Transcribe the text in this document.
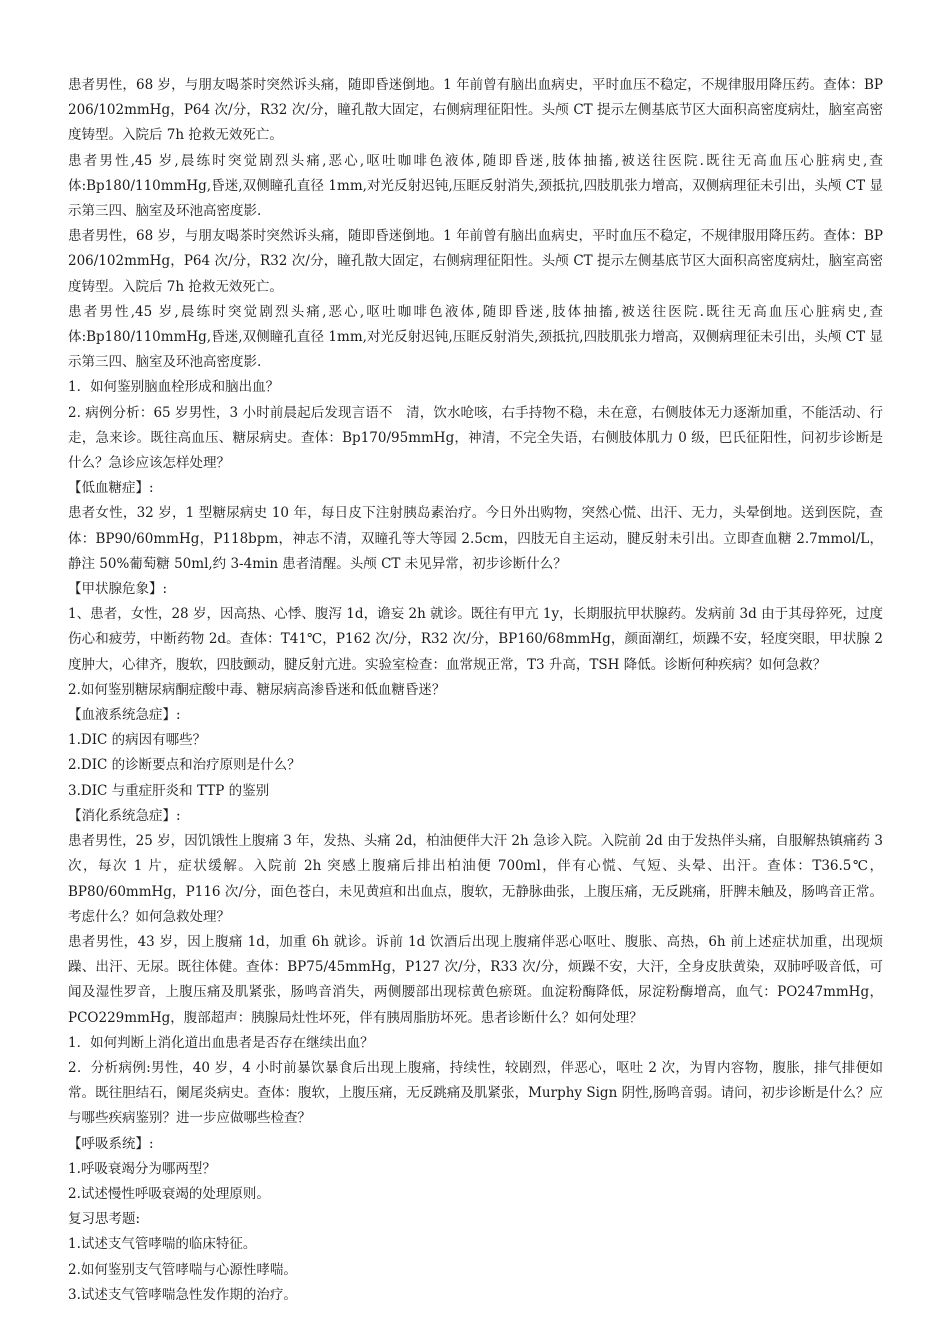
患者男性，68 岁，与朋友喝茶时突然诉头痛，随即昏迷倒地。1 年前曾有脑出血病史，平时血压不稳定，不规律服用降压药。查体：BP 206/102mmHg，P64 次/分，R32 次/分，瞳孔散大固定，右侧病理征阳性。头颅 CT 提示左侧基底节区大面积高密度病灶，脑室高密度铸型。入院后 7h 抢救无效死亡。

患者男性,45 岁,晨练时突觉剧烈头痛,恶心,呕吐咖啡色液体,随即昏迷,肢体抽搐,被送往医院.既往无高血压心脏病史,查体:Bp180/110mmHg,昏迷,双侧瞳孔直径 1mm,对光反射迟钝,压眶反射消失,颈抵抗,四肢肌张力增高，双侧病理征未引出，头颅 CT 显示第三四、脑室及环池高密度影.

患者男性，68 岁，与朋友喝茶时突然诉头痛，随即昏迷倒地。1 年前曾有脑出血病史，平时血压不稳定，不规律服用降压药。查体：BP 206/102mmHg，P64 次/分，R32 次/分，瞳孔散大固定，右侧病理征阳性。头颅 CT 提示左侧基底节区大面积高密度病灶，脑室高密度铸型。入院后 7h 抢救无效死亡。

患者男性,45 岁,晨练时突觉剧烈头痛,恶心,呕吐咖啡色液体,随即昏迷,肢体抽搐,被送往医院.既往无高血压心脏病史,查体:Bp180/110mmHg,昏迷,双侧瞳孔直径 1mm,对光反射迟钝,压眶反射消失,颈抵抗,四肢肌张力增高，双侧病理征未引出，头颅 CT 显示第三四、脑室及环池高密度影.

1．如何鉴别脑血栓形成和脑出血？

2. 病例分析：65 岁男性，3 小时前晨起后发现言语不　清，饮水呛咳，右手持物不稳，未在意，右侧肢体无力逐渐加重，不能活动、行走，急来诊。既往高血压、糖尿病史。查体：Bp170/95mmHg，神清，不完全失语，右侧肢体肌力 0 级，巴氏征阳性，问初步诊断是什么？急诊应该怎样处理？

【低血糖症】:

患者女性，32 岁，1 型糖尿病史 10 年，每日皮下注射胰岛素治疗。今日外出购物，突然心慌、出汗、无力，头晕倒地。送到医院，查体：BP90/60mmHg，P118bpm，神志不清，双瞳孔等大等园 2.5cm，四肢无自主运动，腱反射未引出。立即查血糖 2.7mmol/L，静注 50%葡萄糖 50ml,约 3-4min 患者清醒。头颅 CT 未见异常，初步诊断什么？

【甲状腺危象】:

1、患者，女性，28 岁，因高热、心悸、腹泻 1d，谵妄 2h 就诊。既往有甲亢 1y，长期服抗甲状腺药。发病前 3d 由于其母猝死，过度伤心和疲劳，中断药物 2d。查体：T41℃，P162 次/分，R32 次/分，BP160/68mmHg，颜面潮红，烦躁不安，轻度突眼，甲状腺 2 度肿大，心律齐，腹软，四肢颤动，腱反射亢进。实验室检查：血常规正常，T3 升高，TSH 降低。诊断何种疾病？如何急救？

2.如何鉴别糖尿病酮症酸中毒、糖尿病高渗昏迷和低血糖昏迷？

【血液系统急症】:

1.DIC 的病因有哪些？

2.DIC 的诊断要点和治疗原则是什么？

3.DIC 与重症肝炎和 TTP 的鉴别

【消化系统急症】:

患者男性，25 岁，因饥饿性上腹痛 3 年，发热、头痛 2d，柏油便伴大汗 2h 急诊入院。入院前 2d 由于发热伴头痛，自服解热镇痛药 3 次，每次 1 片，症状缓解。入院前 2h 突感上腹痛后排出柏油便 700ml，伴有心慌、气短、头晕、出汗。查体：T36.5℃，BP80/60mmHg，P116 次/分，面色苍白，未见黄疸和出血点，腹软，无静脉曲张，上腹压痛，无反跳痛，肝脾未触及，肠鸣音正常。考虑什么？如何急救处理？

患者男性，43 岁，因上腹痛 1d，加重 6h 就诊。诉前 1d 饮酒后出现上腹痛伴恶心呕吐、腹胀、高热，6h 前上述症状加重，出现烦躁、出汗、无尿。既往体健。查体：BP75/45mmHg，P127 次/分，R33 次/分，烦躁不安，大汗，全身皮肤黄染，双肺呼吸音低，可闻及湿性罗音，上腹压痛及肌紧张，肠鸣音消失，两侧腰部出现棕黄色瘀斑。血淀粉酶降低，尿淀粉酶增高，血气：PO247mmHg，PCO229mmHg，腹部超声：胰腺局灶性坏死，伴有胰周脂肪坏死。患者诊断什么？如何处理？

1．如何判断上消化道出血患者是否存在继续出血？

2．分析病例:男性，40 岁，4 小时前暴饮暴食后出现上腹痛，持续性，较剧烈，伴恶心，呕吐 2 次，为胃内容物，腹胀，排气排便如常。既往胆结石，阑尾炎病史。查体：腹软，上腹压痛，无反跳痛及肌紧张，Murphy Sign 阴性,肠鸣音弱。请问，初步诊断是什么？应与哪些疾病鉴别？进一步应做哪些检查？

【呼吸系统】:

1.呼吸衰竭分为哪两型？

2.试述慢性呼吸衰竭的处理原则。

复习思考题:

1.试述支气管哮喘的临床特征。

2.如何鉴别支气管哮喘与心源性哮喘。

3.试述支气管哮喘急性发作期的治疗。
